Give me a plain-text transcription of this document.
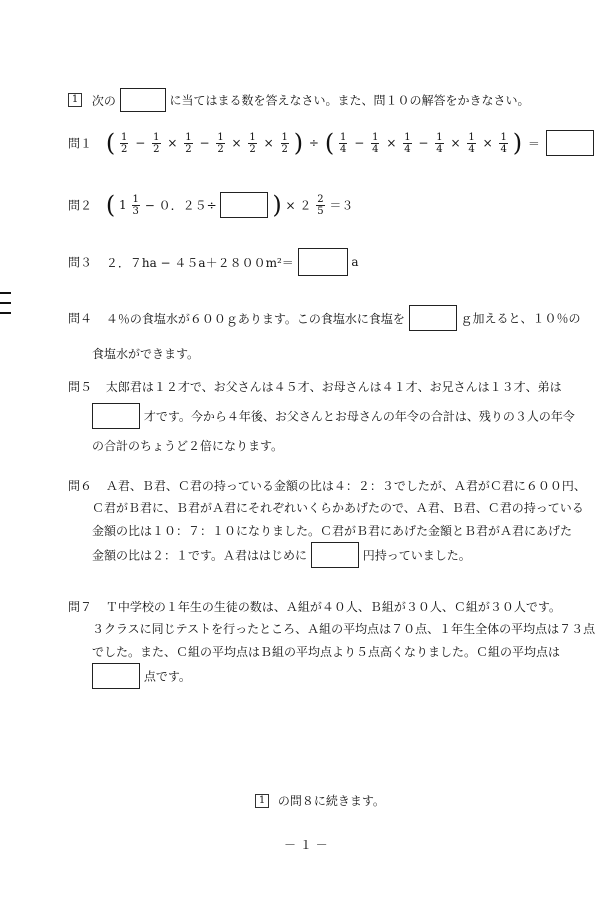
1 次の	に当てはまる数を答えなさい。また、問１０の解答をかきなさい。
問１ ( $\frac{1}{2} - \frac{1}{2} \times \frac{1}{2} - \frac{1}{2} \times \frac{1}{2} \times \frac{1}{2}$ ) ÷ ( $\frac{1}{4} - \frac{1}{4} \times \frac{1}{4} - \frac{1}{4} \times \frac{1}{4} \times \frac{1}{4}$ ) ＝
問２ ( $1 \frac{1}{3} - 0$．２５÷ ) × $2 \frac{2}{5} =3$
問３ ２．７ha − ４５a＋２８００m²＝	a
問４ ４％の食塩水が６００ｇあります。この食塩水に食塩を	ｇ加えると、１０％の
食塩水ができます。
問５ 太郎君は１２才で、お父さんは４５才、お母さんは４１才、お兄さんは１３才、弟は
才です。今から４年後、お父さんとお母さんの年令の合計は、残りの３人の年令
の合計のちょうど２倍になります。
問６ Ａ君、Ｂ君、Ｃ君の持っている金額の比は４：２：３でしたが、Ａ君がＣ君に６００円、
Ｃ君がＢ君に、Ｂ君がＡ君にそれぞれいくらかあげたので、Ａ君、Ｂ君、Ｃ君の持っている
金額の比は１０：７：１０になりました。Ｃ君がＢ君にあげた金額とＢ君がＡ君にあげた
金額の比は２：１です。Ａ君ははじめに	円持っていました。
問７ Ｔ中学校の１年生の生徒の数は、Ａ組が４０人、Ｂ組が３０人、Ｃ組が３０人です。
３クラスに同じテストを行ったところ、Ａ組の平均点は７０点、１年生全体の平均点は７３点
でした。また、Ｃ組の平均点はＢ組の平均点より５点高くなりました。Ｃ組の平均点は
点です。
1 の問８に続きます。
－ １ －
